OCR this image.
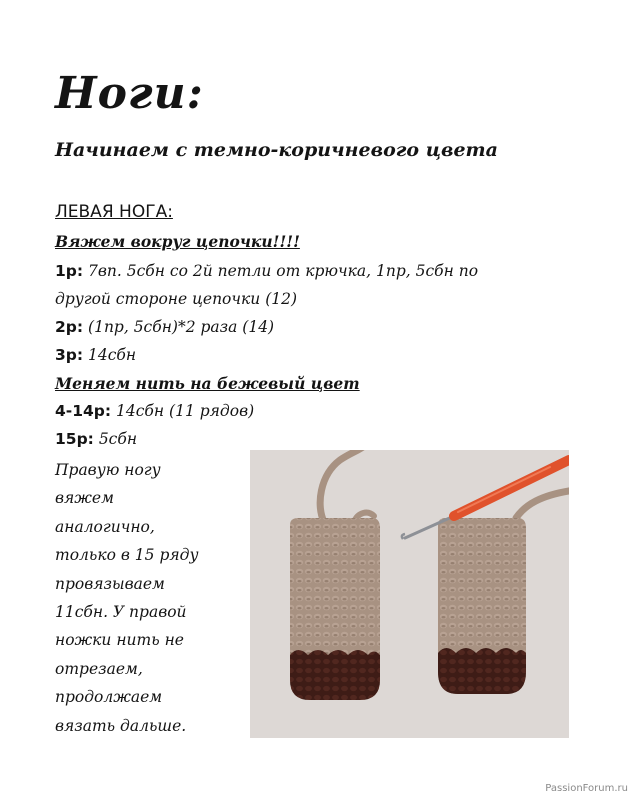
Ноги:
Начинаем с темно-коричневого цвета
ЛЕВАЯ НОГА:
Вяжем вокруг цепочки!!!!
1р: 7вп. 5сбн со 2й петли от крючка, 1пр, 5сбн по
другой стороне цепочки (12)
2р: (1пр, 5сбн)*2 раза (14)
3р: 14сбн
Меняем нить на бежевый цвет
4-14р: 14сбн (11 рядов)
15р: 5сбн
Правую ногу
вяжем
аналогично,
только в 15 ряду
провязываем
11сбн. У правой
ножки нить не
отрезаем,
продолжаем
вязать дальше.
PassionForum.ru
